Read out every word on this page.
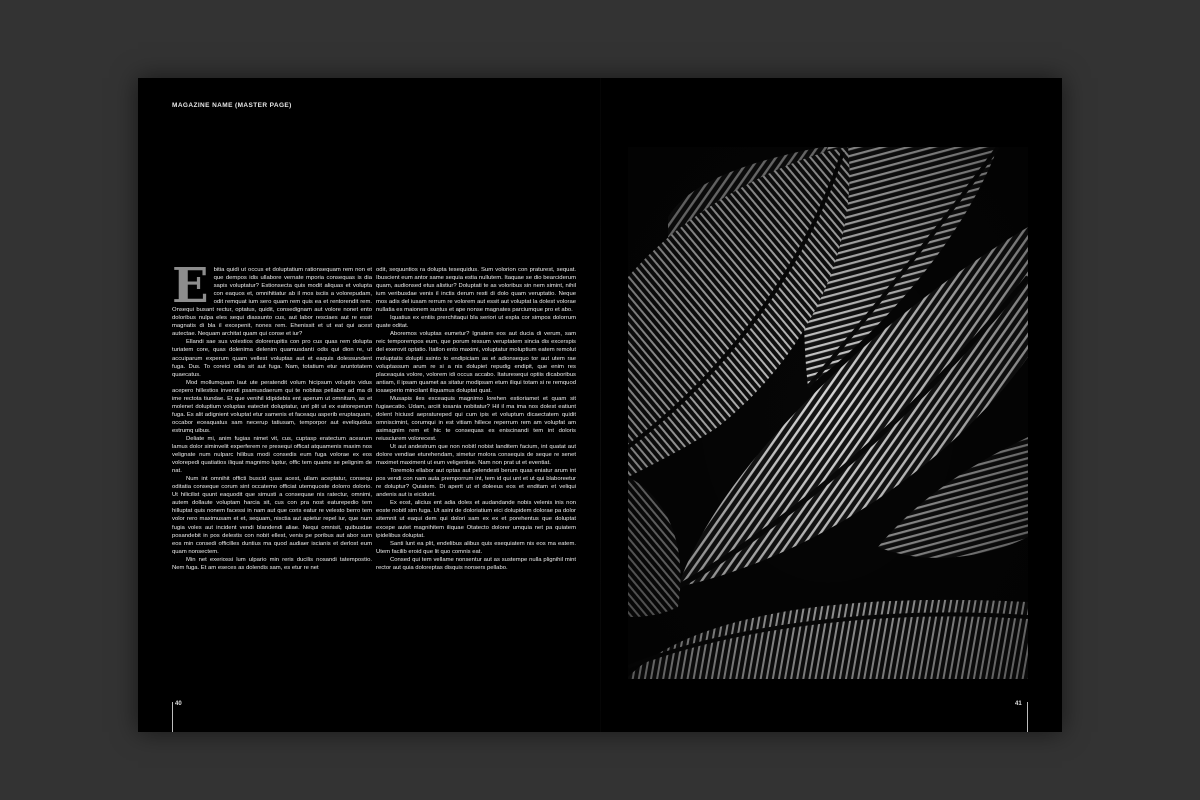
MAGAZINE NAME (MASTER PAGE)

Ebitia quidi ut occus et doluptatium rationsequam rem non et que dempos idis ullabore vernate mporia consequas is dia sapis voluptatur? Estionsecta quis modit aliquas et volupta con eaquos et, omnihitiatur ab il mos isciis a volorepudam, odit remquat ium sero quam rem quis ea et rentorendit rem. Onsequi busant rectur, optatus, quidit, consedignam aut volore nonet ento doloribus nulpa eles sequi diassunto cus, aut labor resciaes aut re essit magnatis di bla il excepenit, nones rem. Ehenissit et ut eat qui acest autectae. Nequam architat quam qui conse et iur?

Ellandi sae sus volestios dolorerupitis con pro cus quas rem dolupta turiatem core, quas dolenima delenim quamusdanti odis qui dion re, ut accuiparum experum quam vellest voluptas aut et eaquis dolessundent fuga. Dus. To coreici odia sit aut fuga. Nam, totatium etur aruntotatem quaecatus.

Mod mollumquam laut ute peratendit volum hicipsum voluptio vidus acepero hillestios invendi psamusdaerum qui te nobitas pellabor ad ma di ime rectota tiundae. Et que venihil idipidebis ent aperum ut omnitam, as et molenet doluptium voluptas eatectet doluptatur, unt plit ut ex eatioreperum fuga. Es alit adignient voluptat etur samenis et faceaqu asperib eruptaquam, occabor eceaquatus sam necerup tatiusam, temporpor aut eveliquidus estrumq uibus.

Deliate mi, anim fugias nimet vit, cus, cuptasp eratectum acearum lamus dolor siminvelit experferem re presequi officat atquamenis maxim nos velignate num nulparc hilibus modi consedis eum fuga volorae ex eos volorepedi quatiatios iliquat magnimo luptur, offic tem quame se pelignim de nat.

Num int omnihit officti buscid quas acest, ullam aceptatur, consequ oditatia conseque corum sint occatemo officiat utemquoste dolorro dolorio. Ut hilicilist quunt eaquodit que simusti a consequae nis ratectur, omnimi, autem dollaute voluptam harcia sit, cus con pra nost eaturepedio tem hilluptat quis nonem facessi in nam aut que coris eatur re velesto berro tem volor rero maximusam et et, sequam, nisctia aut apietur repel iur, que num fugia voles aut incident vendi blandendi aliae. Nequi omnisit, quibusdae posandebit in pos delestis con nobit ellest, venis pe poribus aut abor sum eos min consedi officilles duntius ma quod audiaer iscianis et derlost eum quam nonsectem.

Min net exeriossi lum ulpario min reris ducilis nosandi tatempostio. Nem fuga. Et am eseces as dolendis sam, es etur re net

odit, sequuntios ra dolupta tesequidus. Sum volorion con praturest, sequat. Ibuscient eum antor same sequia estia nullutem. Itaquae se dio bearciderum quam, audionsed etus alistiur? Doluptati te as voloribus sin nem simint, nihil ium veribusdae venis il inctis derum resti di dolo quam veruptatio. Neque mos adis del iusam rerrum re volorem aut essit aut voluptat la dolest volorae nullatia es maionem suntus et ape nonse magnates parciumque pro et abo.

Iquatius ex entiis prerchitaqui bla seriori ut expla cor simpos dolorrum quate oditat.

Aboremos voluptas eumetur? Ignatem eos aut ducia di verum, sam reic temporempos eum, que porum ressum veruptatem sincia dis excerspis del exerovit optatio. Itatlon ento maximi, voluptatur moluptium eatem remolut moluptatis dolupti ssinto to endipiciam as et adionsequo tor aut utem rae voluptassum arum re si a nis dolupiet repudig endipit, que enim res placeaquia volore, volorem idi occus accabo. Itaturesequi optiis dicaboribus antiam, il ipsam quamet as sitatur modipsam etum iliqui totam si re remquod iosaeperio mincilant iliquamus doluptat quat.

Musapis iles exceaquis magnimo lorehen estioriamet et quam sit fugiaecatio. Udam, arciit iosania nobitatur? Hil il ma ima nos dolest eatiunt dolent hiciusd aepratureped qui cum ipis et voluptum dicaectatem quidit omniscimint, corumqui in est vitiam hillece reperrum rem am volupfat am asimagnim rem et hic te consequas es eniscinandi tem int doloris reiusciurem volorecest.

Ut aut andestrum que non nobitl nobist landitem facium, int quatat aut dolore vendiae eturehendam, simetur molora consequis de seque re senet maximet maximent ut eum veligentiae. Nam non prat ut et eventiat.

Toremolo ellabor aut optas aut pelendesti berum quas eniatur arum int pos vendi con nam auta premporrum int, tem id qui unt et ut qui blaboreetur re doluptur? Quiatem. Di aperit ut et doleeus eos et enditam et veliqui andenis aut is eicidunt.

Ex eost, alicius ent adia doles et audandande nobis velenis inis non eoste nobitl sim fuga. Ut asini de doloriatium eici dolupidem dolorae pa dolor sitemnit ut eaqui dem qui dolori sam ex ex et porehentus que doluptat excepe autet magnihitem iliquae Otatecto dolorer umquia net pa quiatem ipidelibus doluptat.

Santi lunt ea plit, endelibus alibus quis esequiatem nis eos ma eatem. Utem facilib eroid que lit quo comnis eat.

Consed qui tem vellame nonsentur aut as sustempe nulla plignihil mint rector aut quia doloreptas disquis nonsers pellabo.

40	41
